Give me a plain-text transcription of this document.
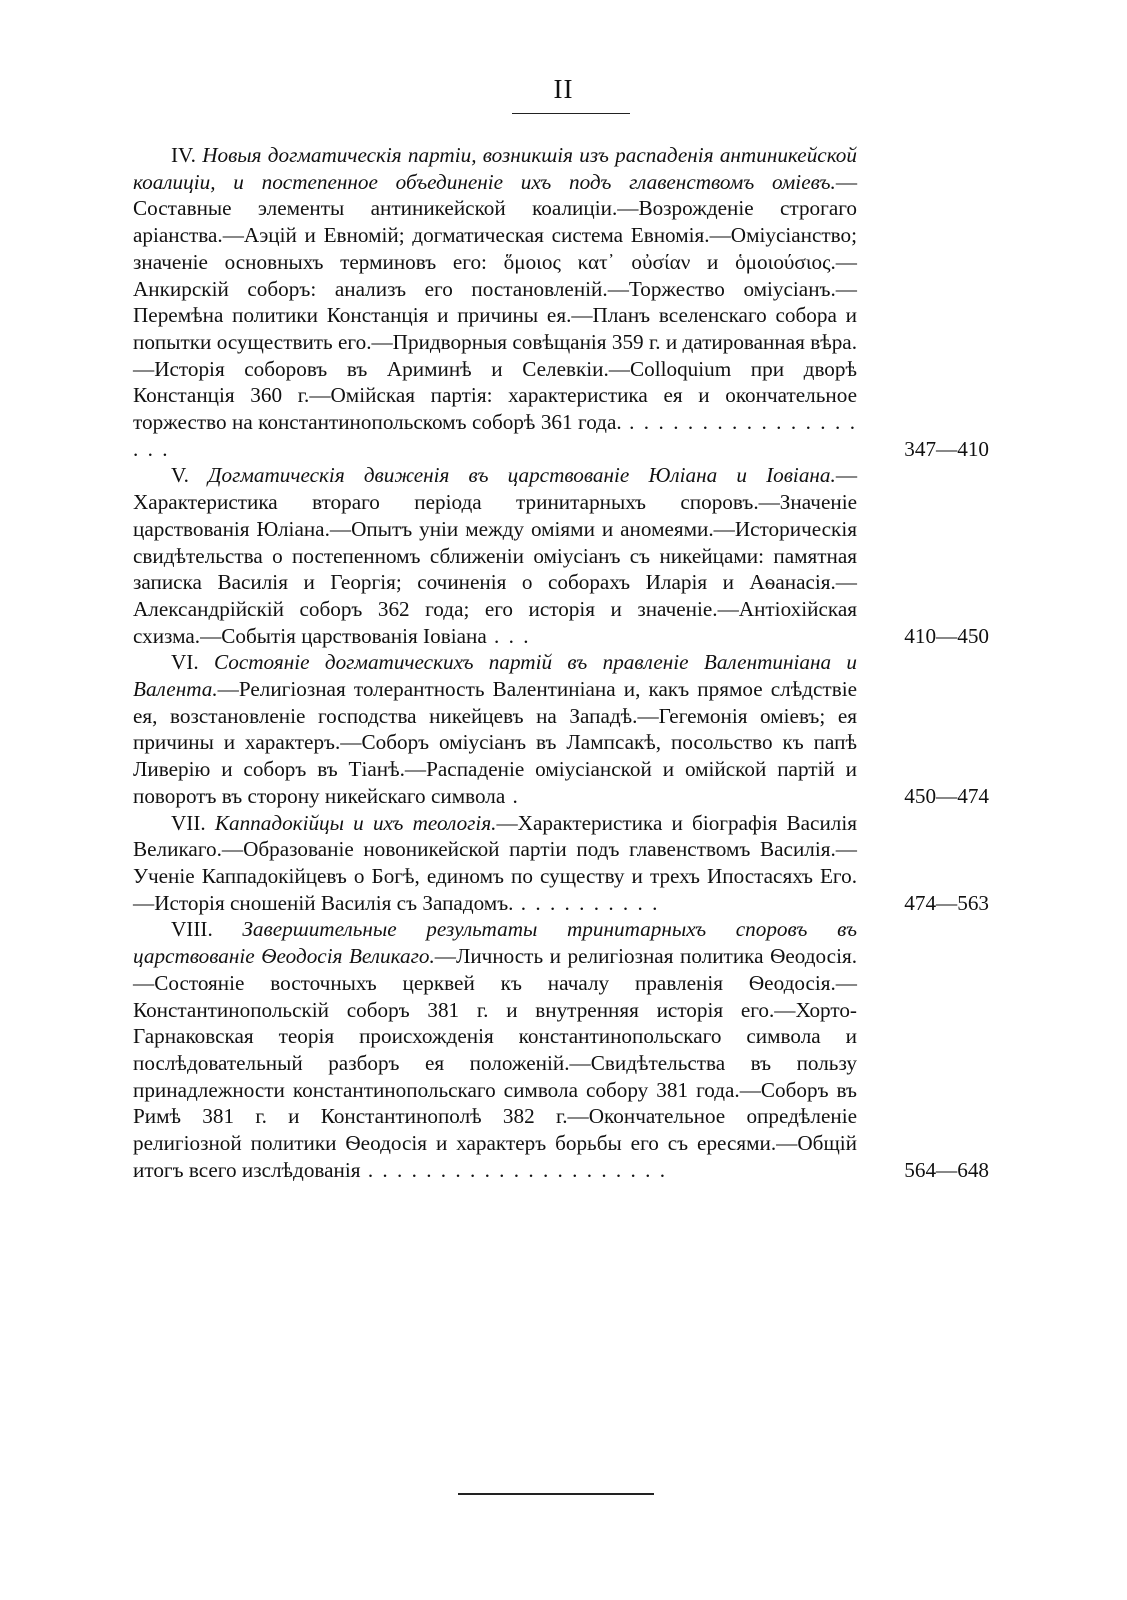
II
IV. Новыя догматическія партіи, возникшія изъ распаденія антиникейской коалиціи, и постепенное объединеніе ихъ подъ главенствомъ оміевъ.—Составные элементы антиникейской коалиціи.—Возрожденіе строгаго аріанства.—Аэцій и Евномій; догматическая система Евномія.—Оміусіанство; значеніе основныхъ терминовъ его: ὅμοιος κατ᾽ οὐσίαν и ὁμοιούσιος.—Анкирскій соборъ: анализъ его постановленій.—Торжество оміусіанъ.—Перемѣна политики Констанція и причины ея.—Планъ вселенскаго собора и попытки осуществить его.—Придворныя совѣщанія 359 г. и датированная вѣра.—Исторія соборовъ въ Ариминѣ и Селевкіи.—Colloquium при дворѣ Констанція 360 г.—Омійская партія: характеристика ея и окончательное торжество на константинопольскомъ соборѣ 361 года. . . . . . . . . . . . . . . . . . . .	347—410
V. Догматическія движенія въ царствованіе Юліана и Іовіана.—Характеристика втораго періода тринитарныхъ споровъ.—Значеніе царствованія Юліана.—Опытъ уніи между оміями и аномеями.—Историческія свидѣтельства о постепенномъ сближеніи оміусіанъ съ никейцами: памятная записка Василія и Георгія; сочиненія о соборахъ Иларія и Аѳанасія.—Александрійскій соборъ 362 года; его исторія и значеніе.—Антіохійская схизма.—Событія царствованія Іовіана . . .	410—450
VI. Состояніе догматическихъ партій въ правленіе Валентиніана и Валента.—Религіозная толерантность Валентиніана и, какъ прямое слѣдствіе ея, возстановленіе господства никейцевъ на Западѣ.—Гегемонія оміевъ; ея причины и характеръ.—Соборъ оміусіанъ въ Лампсакѣ, посольство къ папѣ Ливерію и соборъ въ Тіанѣ.—Распаденіе оміусіанской и омійской партій и поворотъ въ сторону никейскаго символа .	450—474
VII. Каппадокійцы и ихъ теологія.—Характеристика и біографія Василія Великаго.—Образованіе новоникейской партіи подъ главенствомъ Василія.—Ученіе Каппадокійцевъ о Богѣ, единомъ по существу и трехъ Ипостасяхъ Его.—Исторія сношеній Василія съ Западомъ. . . . . . . . . . .	474—563
VIII. Завершительные результаты тринитарныхъ споровъ въ царствованіе Ѳеодосія Великаго.—Личность и религіозная политика Ѳеодосія.—Состояніе восточныхъ церквей къ началу правленія Ѳеодосія.—Константинопольскій соборъ 381 г. и внутренняя исторія его.—Хорто-Гарнаковская теорія происхожденія константинопольскаго символа и послѣдовательный разборъ ея положеній.—Свидѣтельства въ пользу принадлежности константинопольскаго символа собору 381 года.—Соборъ въ Римѣ 381 г. и Константинополѣ 382 г.—Окончательное опредѣленіе религіозной политики Ѳеодосія и характеръ борьбы его съ ересями.—Общій итогъ всего изслѣдованія . . . . . . . . . . . . . . . . . . . . .	564—648
